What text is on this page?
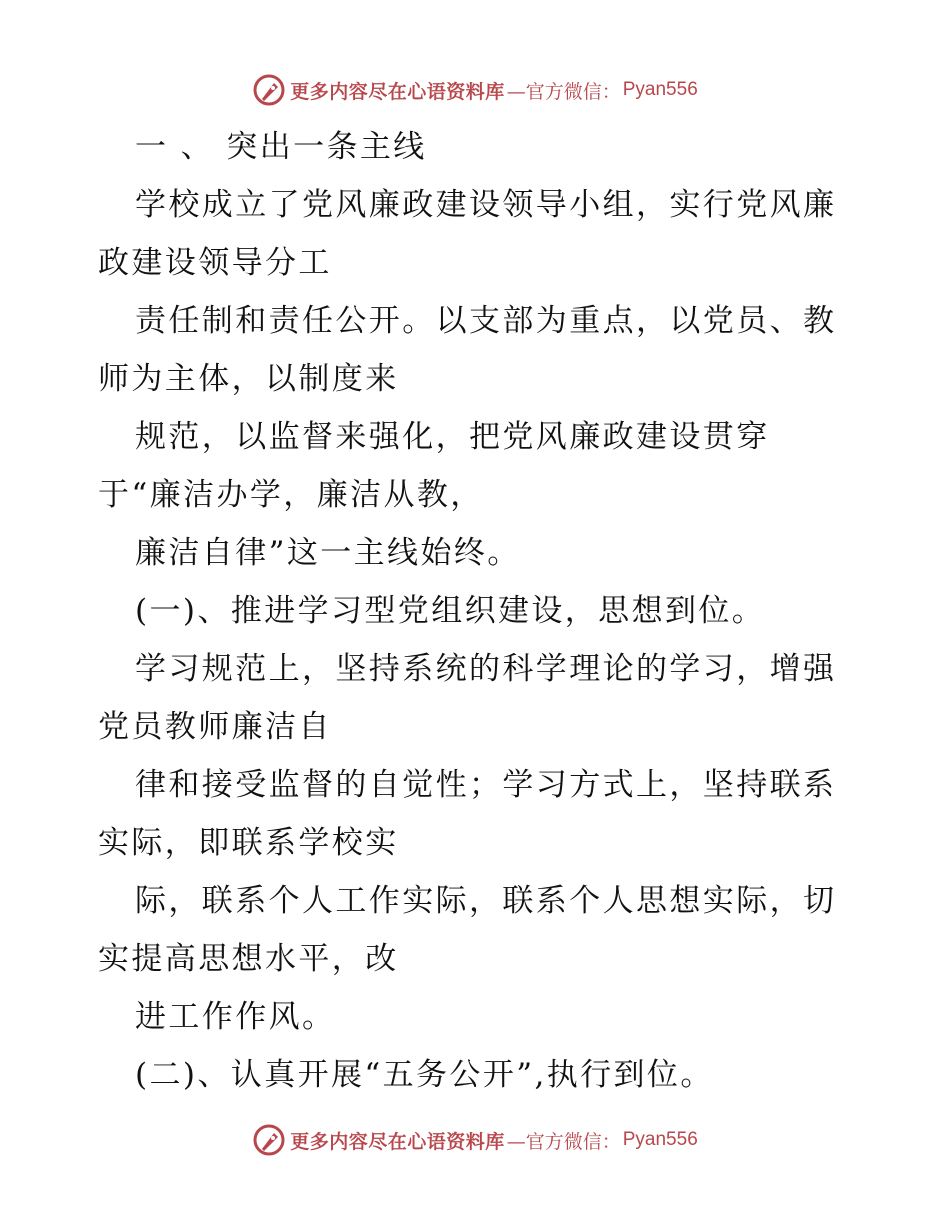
更多内容尽在心语资料库 —官方微信： Pyan556
一 、 突出一条主线
学校成立了党风廉政建设领导小组，实行党风廉
政建设领导分工
责任制和责任公开。以支部为重点，以党员、教
师为主体，以制度来
规范，以监督来强化，把党风廉政建设贯穿
于“廉洁办学，廉洁从教，
廉洁自律”这一主线始终。
(一)、推进学习型党组织建设，思想到位。
学习规范上，坚持系统的科学理论的学习，增强
党员教师廉洁自
律和接受监督的自觉性；学习方式上，坚持联系
实际，即联系学校实
际，联系个人工作实际，联系个人思想实际，切
实提高思想水平，改
进工作作风。
(二)、认真开展“五务公开”,执行到位。
更多内容尽在心语资料库 —官方微信： Pyan556
